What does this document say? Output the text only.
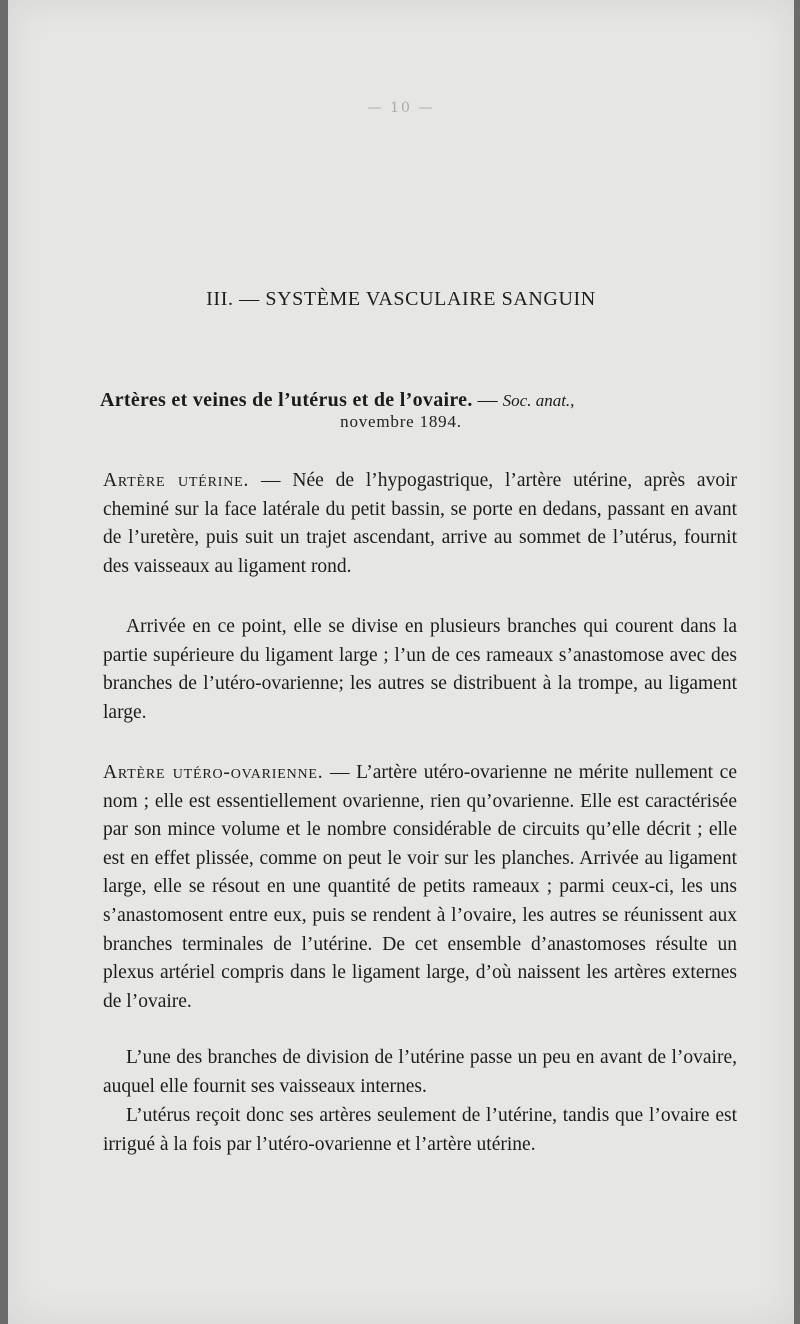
— 10 —
III. — SYSTÈME VASCULAIRE SANGUIN
Artères et veines de l’utérus et de l’ovaire. — Soc. anat.,
novembre 1894.

Artère utérine. — Née de l’hypogastrique, l’artère utérine, après avoir cheminé sur la face latérale du petit bassin, se porte en dedans, passant en avant de l’uretère, puis suit un trajet ascendant, arrive au sommet de l’utérus, fournit des vaisseaux au ligament rond.

Arrivée en ce point, elle se divise en plusieurs branches qui courent dans la partie supérieure du ligament large ; l’un de ces rameaux s’anastomose avec des branches de l’utéro-ovarienne; les autres se distribuent à la trompe, au ligament large.

Artère utéro-ovarienne. — L’artère utéro-ovarienne ne mérite nullement ce nom ; elle est essentiellement ovarienne, rien qu’ovarienne. Elle est caractérisée par son mince volume et le nombre considérable de circuits qu’elle décrit ; elle est en effet plissée, comme on peut le voir sur les planches. Arrivée au ligament large, elle se résout en une quantité de petits rameaux ; parmi ceux-ci, les uns s’anastomosent entre eux, puis se rendent à l’ovaire, les autres se réunissent aux branches terminales de l’utérine. De cet ensemble d’anastomoses résulte un plexus artériel compris dans le ligament large, d’où naissent les artères externes de l’ovaire.

L’une des branches de division de l’utérine passe un peu en avant de l’ovaire, auquel elle fournit ses vaisseaux internes.

L’utérus reçoit donc ses artères seulement de l’utérine, tandis que l’ovaire est irrigué à la fois par l’utéro-ovarienne et l’artère utérine.
